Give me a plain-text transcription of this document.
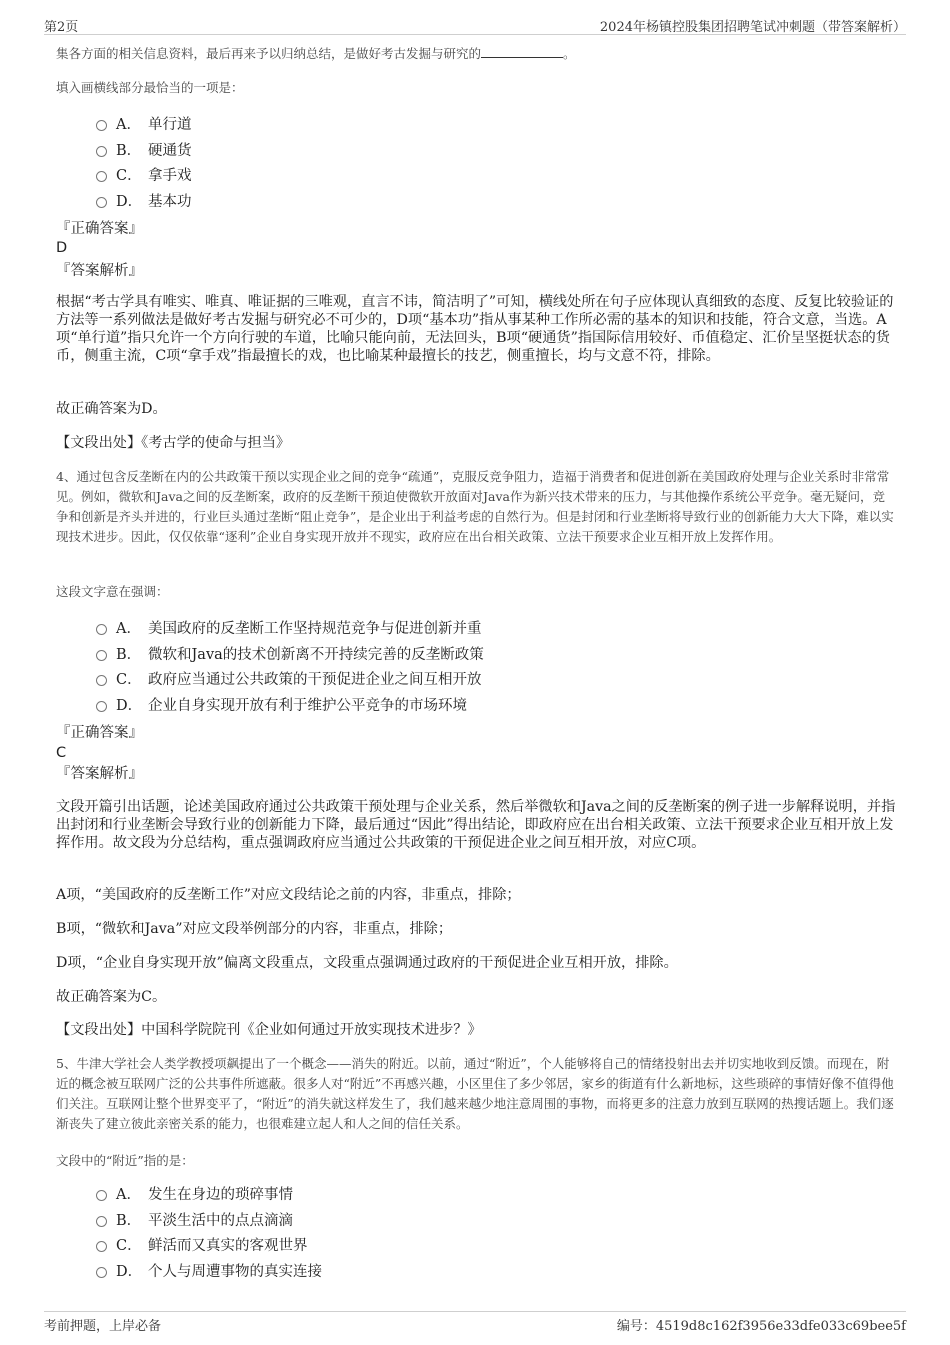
第2页	2024年杨镇控股集团招聘笔试冲刺题（带答案解析）
集各方面的相关信息资料，最后再来予以归纳总结，是做好考古发掘与研究的	。
填入画横线部分最恰当的一项是：
A． 单行道
B． 硬通货
C． 拿手戏
D． 基本功
『正确答案』
D
『答案解析』
根据“考古学具有唯实、唯真、唯证据的三唯观，直言不讳，简洁明了”可知，横线处所在句子应体现认真细致的态度、反复比较验证的方法等一系列做法是做好考古发掘与研究必不可少的，D项“基本功”指从事某种工作所必需的基本的知识和技能，符合文意，当选。A项“单行道”指只允许一个方向行驶的车道，比喻只能向前，无法回头，B项“硬通货”指国际信用较好、币值稳定、汇价呈坚挺状态的货币，侧重主流，C项“拿手戏”指最擅长的戏，也比喻某种最擅长的技艺，侧重擅长，均与文意不符，排除。
故正确答案为D。
【文段出处】《考古学的使命与担当》
4、通过包含反垄断在内的公共政策干预以实现企业之间的竞争“疏通”，克服反竞争阻力，造福于消费者和促进创新在美国政府处理与企业关系时非常常见。例如，微软和Java之间的反垄断案，政府的反垄断干预迫使微软开放面对Java作为新兴技术带来的压力，与其他操作系统公平竞争。毫无疑问，竞争和创新是齐头并进的，行业巨头通过垄断“阻止竞争”，是企业出于利益考虑的自然行为。但是封闭和行业垄断将导致行业的创新能力大大下降，难以实现技术进步。因此，仅仅依靠“逐利”企业自身实现开放并不现实，政府应在出台相关政策、立法干预要求企业互相开放上发挥作用。
这段文字意在强调：
A． 美国政府的反垄断工作坚持规范竞争与促进创新并重
B． 微软和Java的技术创新离不开持续完善的反垄断政策
C． 政府应当通过公共政策的干预促进企业之间互相开放
D． 企业自身实现开放有利于维护公平竞争的市场环境
『正确答案』
C
『答案解析』
文段开篇引出话题，论述美国政府通过公共政策干预处理与企业关系，然后举微软和Java之间的反垄断案的例子进一步解释说明，并指出封闭和行业垄断会导致行业的创新能力下降，最后通过“因此”得出结论，即政府应在出台相关政策、立法干预要求企业互相开放上发挥作用。故文段为分总结构，重点强调政府应当通过公共政策的干预促进企业之间互相开放，对应C项。
A项，“美国政府的反垄断工作”对应文段结论之前的内容，非重点，排除；
B项，“微软和Java”对应文段举例部分的内容，非重点，排除；
D项，“企业自身实现开放”偏离文段重点，文段重点强调通过政府的干预促进企业互相开放，排除。
故正确答案为C。
【文段出处】中国科学院院刊《企业如何通过开放实现技术进步？》
5、牛津大学社会人类学教授项飙提出了一个概念——消失的附近。以前，通过“附近”，个人能够将自己的情绪投射出去并切实地收到反馈。而现在，附近的概念被互联网广泛的公共事件所遮蔽。很多人对“附近”不再感兴趣，小区里住了多少邻居，家乡的街道有什么新地标，这些琐碎的事情好像不值得他们关注。互联网让整个世界变平了，“附近”的消失就这样发生了，我们越来越少地注意周围的事物，而将更多的注意力放到互联网的热搜话题上。我们逐渐丧失了建立彼此亲密关系的能力，也很难建立起人和人之间的信任关系。
文段中的“附近”指的是：
A． 发生在身边的琐碎事情
B． 平淡生活中的点点滴滴
C． 鲜活而又真实的客观世界
D． 个人与周遭事物的真实连接
考前押题，上岸必备	编号：4519d8c162f3956e33dfe033c69bee5f
